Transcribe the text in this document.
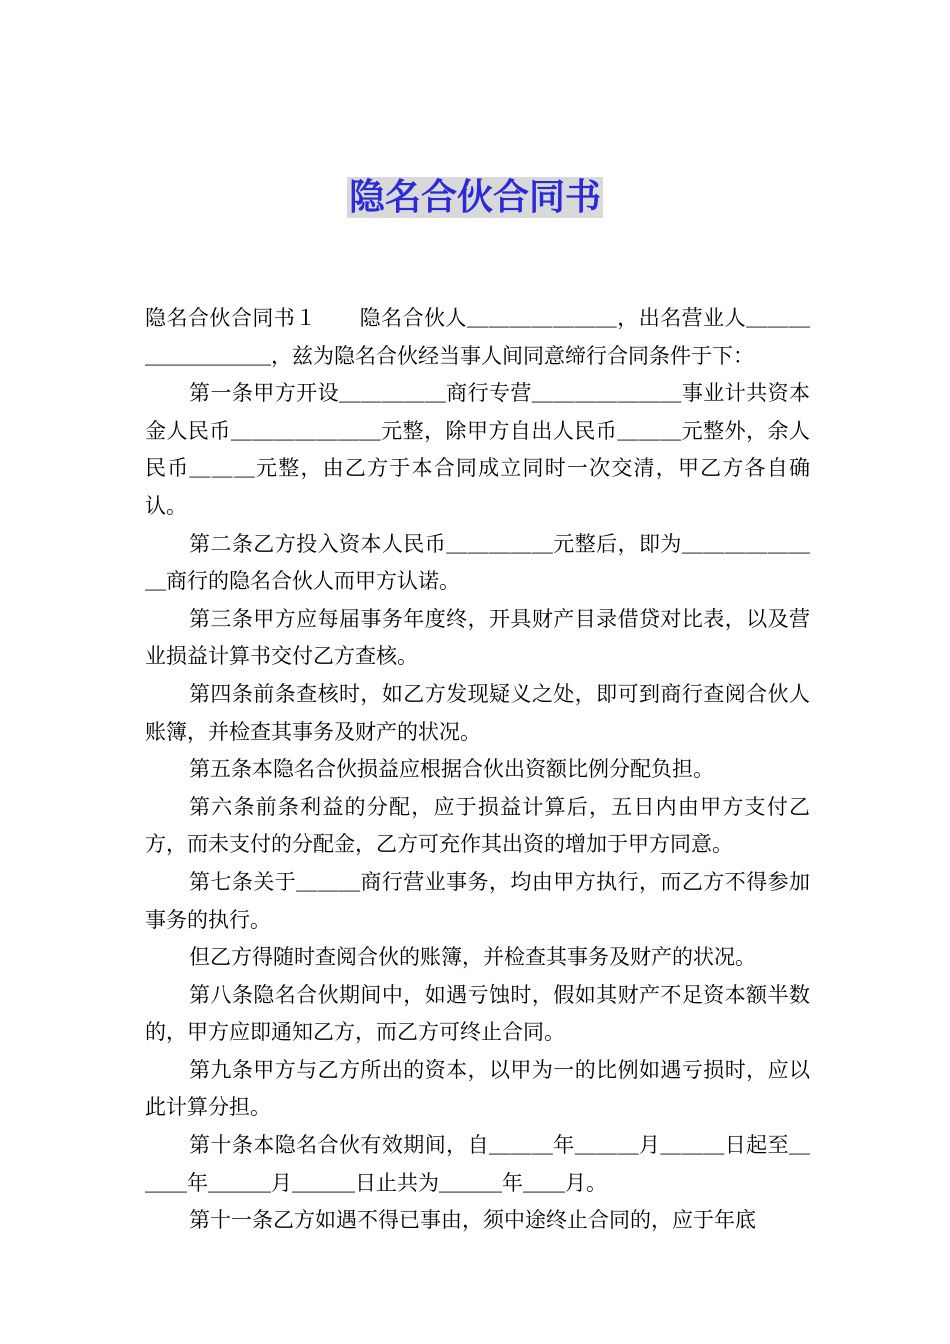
隐名合伙合同书

隐名合伙合同书１　　隐名合伙人＿＿＿＿＿＿＿，出名营业人＿＿＿＿＿＿＿＿＿，兹为隐名合伙经当事人间同意缔行合同条件于下：

第一条甲方开设＿＿＿＿＿商行专营＿＿＿＿＿＿＿事业计共资本金人民币＿＿＿＿＿＿＿元整，除甲方自出人民币＿＿＿元整外，余人民币＿＿＿元整，由乙方于本合同成立同时一次交清，甲乙方各自确认。

第二条乙方投入资本人民币＿＿＿＿＿元整后，即为＿＿＿＿＿＿＿商行的隐名合伙人而甲方认诺。

第三条甲方应每届事务年度终，开具财产目录借贷对比表，以及营业损益计算书交付乙方查核。

第四条前条查核时，如乙方发现疑义之处，即可到商行查阅合伙人账簿，并检查其事务及财产的状况。

第五条本隐名合伙损益应根据合伙出资额比例分配负担。

第六条前条利益的分配，应于损益计算后，五日内由甲方支付乙方，而未支付的分配金，乙方可充作其出资的增加于甲方同意。

第七条关于＿＿＿商行营业事务，均由甲方执行，而乙方不得参加事务的执行。

但乙方得随时查阅合伙的账簿，并检查其事务及财产的状况。

第八条隐名合伙期间中，如遇亏蚀时，假如其财产不足资本额半数的，甲方应即通知乙方，而乙方可终止合同。

第九条甲方与乙方所出的资本，以甲为一的比例如遇亏损时，应以此计算分担。

第十条本隐名合伙有效期间，自＿＿＿年＿＿＿月＿＿＿日起至＿＿＿年＿＿＿月＿＿＿日止共为＿＿＿年＿＿月。

第十一条乙方如遇不得已事由，须中途终止合同的，应于年底
